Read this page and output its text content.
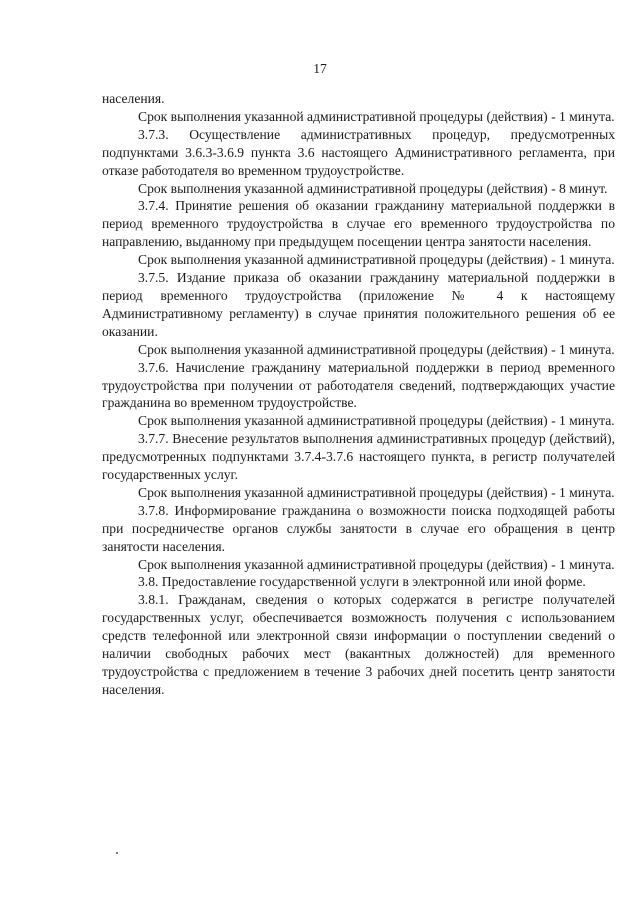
17

населения.

Срок выполнения указанной административной процедуры (действия) - 1 минута.

3.7.3. Осуществление административных процедур, предусмотренных подпунктами 3.6.3-3.6.9 пункта 3.6 настоящего Административного регламента, при отказе работодателя во временном трудоустройстве.

Срок выполнения указанной административной процедуры (действия) - 8 минут.

3.7.4. Принятие решения об оказании гражданину материальной поддержки в период временного трудоустройства в случае его временного трудоустройства по направлению, выданному при предыдущем посещении центра занятости населения.

Срок выполнения указанной административной процедуры (действия) - 1 минута.

3.7.5. Издание приказа об оказании гражданину материальной поддержки в период временного трудоустройства (приложение № 4 к настоящему Административному регламенту) в случае принятия положительного решения об ее оказании.

Срок выполнения указанной административной процедуры (действия) - 1 минута.

3.7.6. Начисление гражданину материальной поддержки в период временного трудоустройства при получении от работодателя сведений, подтверждающих участие гражданина во временном трудоустройстве.

Срок выполнения указанной административной процедуры (действия) - 1 минута.

3.7.7. Внесение результатов выполнения административных процедур (действий), предусмотренных подпунктами 3.7.4-3.7.6 настоящего пункта, в регистр получателей государственных услуг.

Срок выполнения указанной административной процедуры (действия) - 1 минута.

3.7.8. Информирование гражданина о возможности поиска подходящей работы при посредничестве органов службы занятости в случае его обращения в центр занятости населения.

Срок выполнения указанной административной процедуры (действия) - 1 минута.

3.8. Предоставление государственной услуги в электронной или иной форме.

3.8.1. Гражданам, сведения о которых содержатся в регистре получателей государственных услуг, обеспечивается возможность получения с использованием средств телефонной или электронной связи информации о поступлении сведений о наличии свободных рабочих мест (вакантных должностей) для временного трудоустройства с предложением в течение 3 рабочих дней посетить центр занятости населения.
